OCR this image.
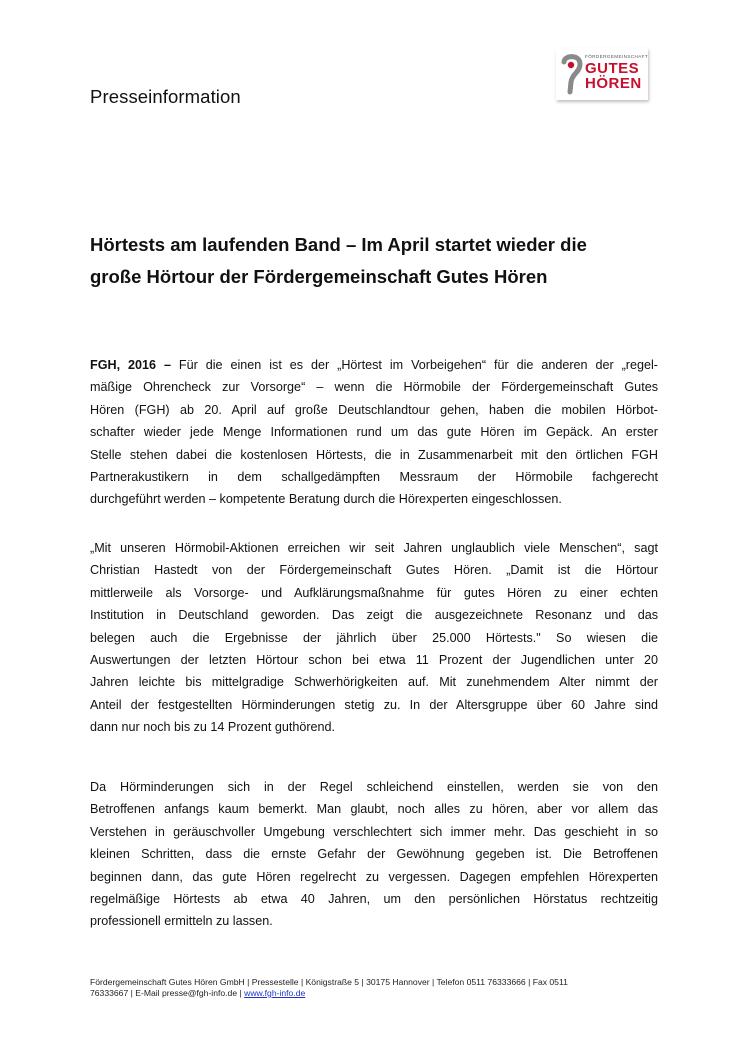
Presseinformation
FÖRDERGEMEINSCHAFT
GUTES
HÖREN
Hörtests am laufenden Band – Im April startet wieder die
große Hörtour der Fördergemeinschaft Gutes Hören
FGH, 2016 – Für die einen ist es der „Hörtest im Vorbeigehen“ für die anderen der „regel-
mäßige Ohrencheck zur Vorsorge“ – wenn die Hörmobile der Fördergemeinschaft Gutes
Hören (FGH) ab 20. April auf große Deutschlandtour gehen, haben die mobilen Hörbot-
schafter wieder jede Menge Informationen rund um das gute Hören im Gepäck. An erster
Stelle stehen dabei die kostenlosen Hörtests, die in Zusammenarbeit mit den örtlichen FGH
Partnerakustikern in dem schallgedämpften Messraum der Hörmobile fachgerecht
durchgeführt werden – kompetente Beratung durch die Hörexperten eingeschlossen.
„Mit unseren Hörmobil-Aktionen erreichen wir seit Jahren unglaublich viele Menschen“, sagt
Christian Hastedt von der Fördergemeinschaft Gutes Hören. „Damit ist die Hörtour
mittlerweile als Vorsorge- und Aufklärungsmaßnahme für gutes Hören zu einer echten
Institution in Deutschland geworden. Das zeigt die ausgezeichnete Resonanz und das
belegen auch die Ergebnisse der jährlich über 25.000 Hörtests." So wiesen die
Auswertungen der letzten Hörtour schon bei etwa 11 Prozent der Jugendlichen unter 20
Jahren leichte bis mittelgradige Schwerhörigkeiten auf. Mit zunehmendem Alter nimmt der
Anteil der festgestellten Hörminderungen stetig zu. In der Altersgruppe über 60 Jahre sind
dann nur noch bis zu 14 Prozent guthörend.
Da Hörminderungen sich in der Regel schleichend einstellen, werden sie von den
Betroffenen anfangs kaum bemerkt. Man glaubt, noch alles zu hören, aber vor allem das
Verstehen in geräuschvoller Umgebung verschlechtert sich immer mehr. Das geschieht in so
kleinen Schritten, dass die ernste Gefahr der Gewöhnung gegeben ist. Die Betroffenen
beginnen dann, das gute Hören regelrecht zu vergessen. Dagegen empfehlen Hörexperten
regelmäßige Hörtests ab etwa 40 Jahren, um den persönlichen Hörstatus rechtzeitig
professionell ermitteln zu lassen.
Fördergemeinschaft Gutes Hören GmbH | Pressestelle | Königstraße 5 | 30175 Hannover | Telefon 0511 76333666 | Fax 0511
76333667 | E-Mail presse@fgh-info.de | www.fgh-info.de
